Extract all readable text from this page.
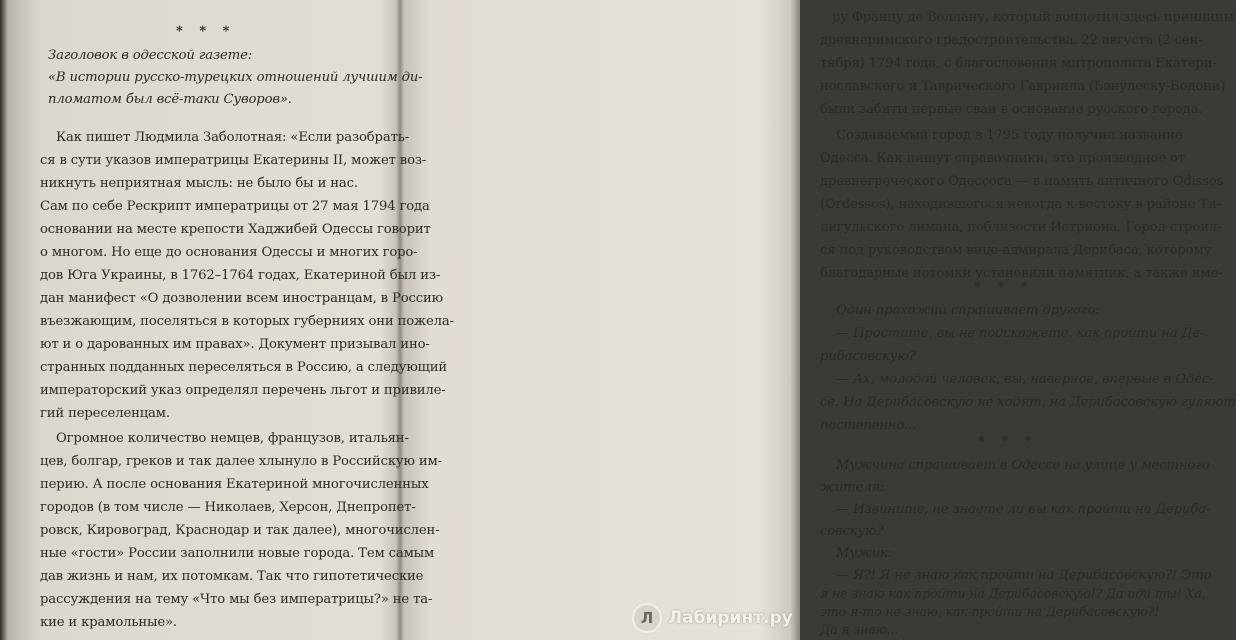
* * *
Заголовок в одесской газете:
«В истории русско-турецких отношений лучшим ди-
пломатом был всё-таки Суворов».
Как пишет Людмила Заболотная: «Если разобрать-
ся в сути указов императрицы Екатерины II, может воз-
никнуть неприятная мысль: не было бы и нас.
Сам по себе Рескрипт императрицы от 27 мая 1794 года
основании на месте крепости Хаджибей Одессы говорит
о многом. Но еще до основания Одессы и многих горо-
дов Юга Украины, в 1762–1764 годах, Екатериной был из-
дан манифест «О дозволении всем иностранцам, в Россию
въезжающим, поселяться в которых губерниях они пожела-
ют и о дарованных им правах». Документ призывал ино-
странных подданных переселяться в Россию, а следующий
императорский указ определял перечень льгот и привиле-
гий переселенцам.
Огромное количество немцев, французов, итальян-
цев, болгар, греков и так далее хлынуло в Российскую им-
перию. А после основания Екатериной многочисленных
городов (в том числе — Николаев, Херсон, Днепропет-
ровск, Кировоград, Краснодар и так далее), многочислен-
ные «гости» России заполнили новые города. Тем самым
дав жизнь и нам, их потомкам. Так что гипотетические
рассуждения на тему «Что мы без императрицы?» не та-
кие и крамольные».
ру Францу де Воллану, который воплотил здесь принципы
древнеримского градостроительства. 22 августа (2 сен-
тября) 1794 года, с благословения митрополита Екатери-
нославского и Таврического Гавриила (Бэнулеску-Бодони)
были забиты первые сваи в основание русского города.
Создаваемый город в 1795 году получил название
Одесса. Как пишут справочники, это производное от
древнегреческого Одессоса — в память античного Odissos
(Ordessos), находившегося некогда к востоку в районе Ти-
лигульского лимана, поблизости Истриона. Город строил-
ся под руководством вице-адмирала Дерибаса, которому
благодарные потомки установили памятник, а также име-
* * *
Один прохожий спрашивает другого:
— Простите, вы не подскажете, как пройти на Де-
рибасовскую?
— Ах, молодой человек, вы, наверное, впервые в Одес-
се. На Дерибасовскую не ходят, на Дерибасовскую гуляют
постепенно...
* * *
Мужчина спрашивает в Одессе на улице у местного
жителя:
— Извините, не знаете ли вы как пройти на Дериба-
совскую?
Мужик:
— Я?! Я не знаю как пройти на Дерибасовскую?! Это
я не знаю как пройти на Дерибасовскую!? Да иди ты! Ха,
это я-то не знаю, как пройти на Дерибасовскую?!
Да я знаю...
Л Лабиринт.ру
